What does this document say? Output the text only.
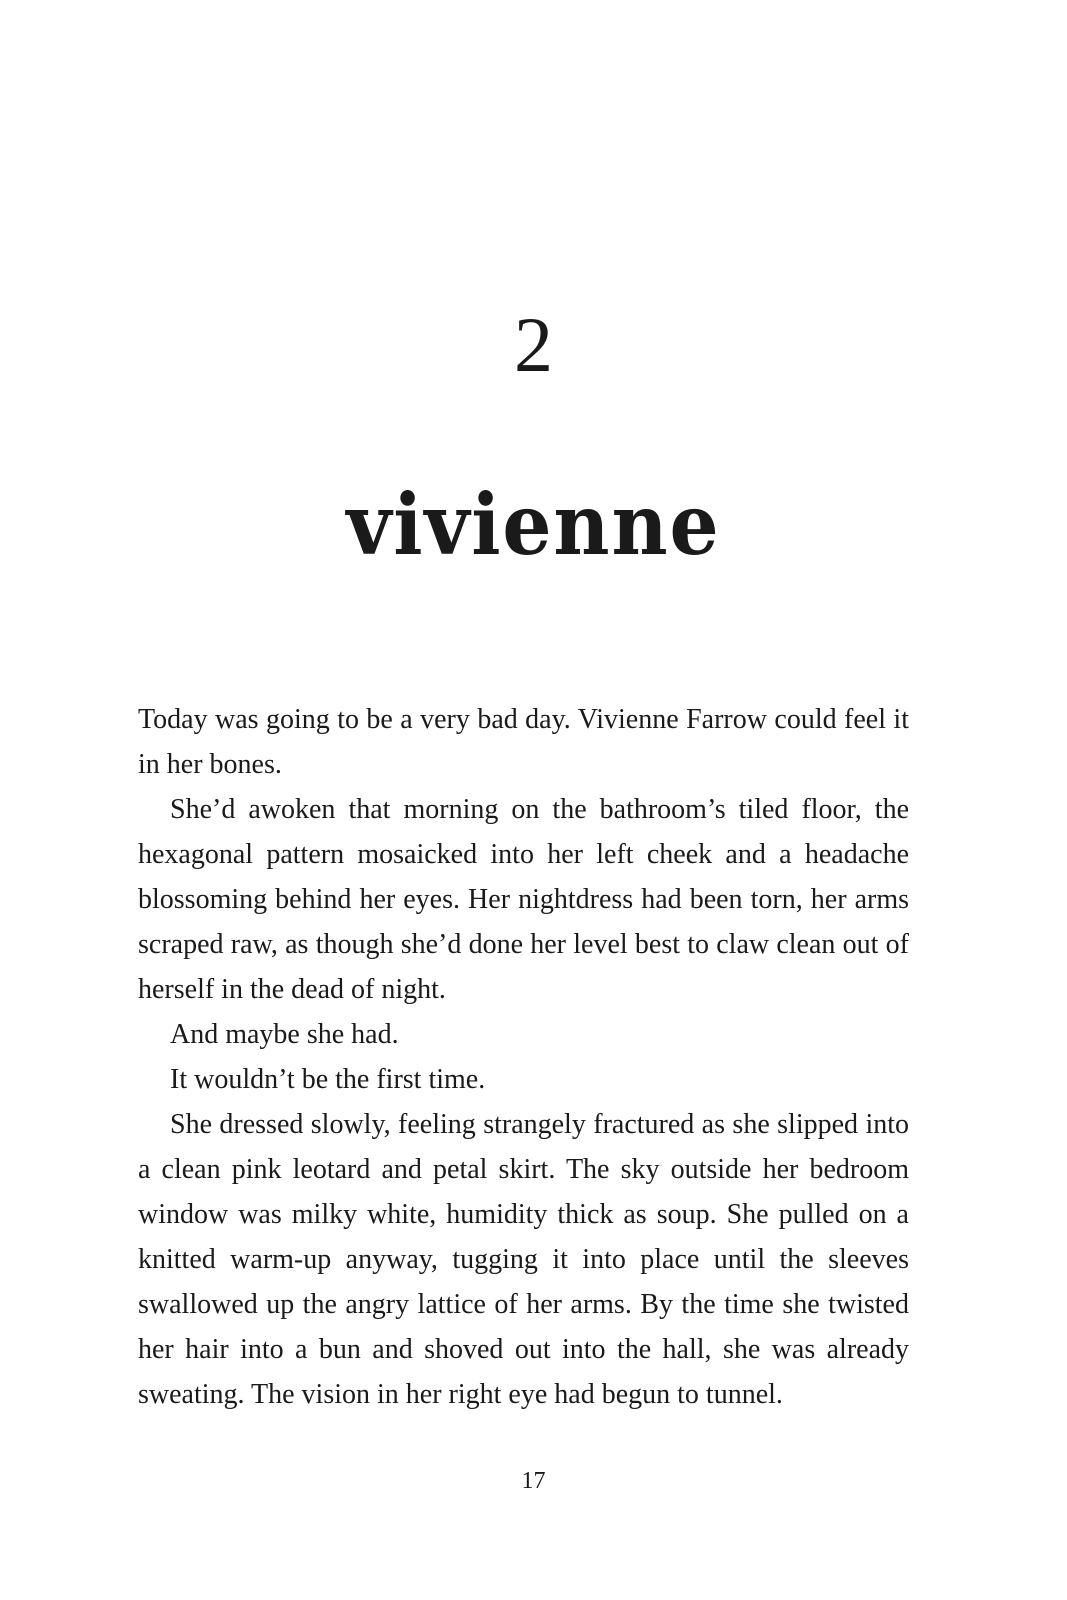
2
vivienne

Today was going to be a very bad day. Vivienne Farrow could feel it in her bones.

She’d awoken that morning on the bathroom’s tiled floor, the hexagonal pattern mosaicked into her left cheek and a headache blossoming behind her eyes. Her nightdress had been torn, her arms scraped raw, as though she’d done her level best to claw clean out of herself in the dead of night.

And maybe she had.

It wouldn’t be the first time.

She dressed slowly, feeling strangely fractured as she slipped into a clean pink leotard and petal skirt. The sky outside her bedroom window was milky white, humidity thick as soup. She pulled on a knitted warm-up anyway, tugging it into place until the sleeves swallowed up the angry lattice of her arms. By the time she twisted her hair into a bun and shoved out into the hall, she was already sweating. The vision in her right eye had begun to tunnel.

17
